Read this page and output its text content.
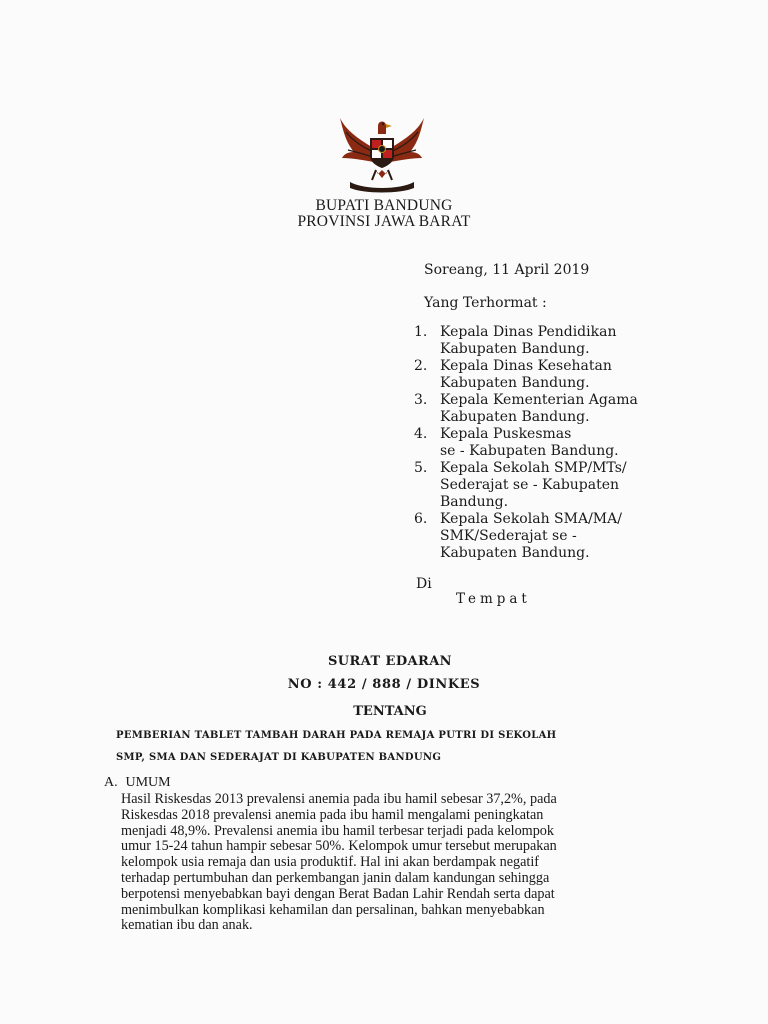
BUPATI BANDUNG
PROVINSI JAWA BARAT
Soreang, 11 April 2019
Yang Terhormat :
1. Kepala Dinas Pendidikan
Kabupaten Bandung.
2. Kepala Dinas Kesehatan
Kabupaten Bandung.
3. Kepala Kementerian Agama
Kabupaten Bandung.
4. Kepala Puskesmas
se - Kabupaten Bandung.
5. Kepala Sekolah SMP/MTs/
Sederajat se - Kabupaten
Bandung.
6. Kepala Sekolah SMA/MA/
SMK/Sederajat se -
Kabupaten Bandung.
Di
Tempat
SURAT EDARAN
NO : 442 / 888 / DINKES
TENTANG
PEMBERIAN TABLET TAMBAH DARAH PADA REMAJA PUTRI DI SEKOLAH
SMP, SMA DAN SEDERAJAT DI KABUPATEN BANDUNG
A. UMUM
Hasil Riskesdas 2013 prevalensi anemia pada ibu hamil sebesar 37,2%, pada
Riskesdas 2018 prevalensi anemia pada ibu hamil mengalami peningkatan
menjadi 48,9%. Prevalensi anemia ibu hamil terbesar terjadi pada kelompok
umur 15-24 tahun hampir sebesar 50%. Kelompok umur tersebut merupakan
kelompok usia remaja dan usia produktif. Hal ini akan berdampak negatif
terhadap pertumbuhan dan perkembangan janin dalam kandungan sehingga
berpotensi menyebabkan bayi dengan Berat Badan Lahir Rendah serta dapat
menimbulkan komplikasi kehamilan dan persalinan, bahkan menyebabkan
kematian ibu dan anak.
